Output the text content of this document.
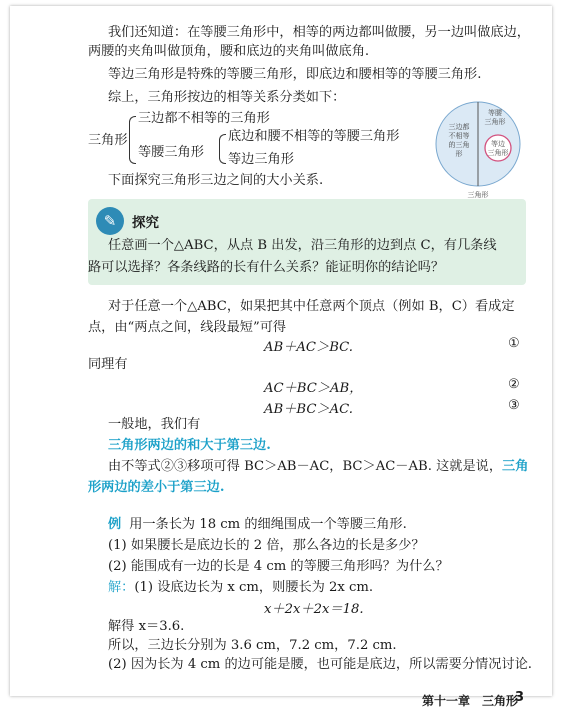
我们还知道：在等腰三角形中，相等的两边都叫做腰，另一边叫做底边，
两腰的夹角叫做顶角，腰和底边的夹角叫做底角.
等边三角形是特殊的等腰三角形，即底边和腰相等的等腰三角形.
综上，三角形按边的相等关系分类如下：
三角形
三边都不相等的三角形
等腰三角形
底边和腰不相等的等腰三角形
等边三角形
三边都
不相等
的三角
形
等腰
三角形
等边
三角形
三角形
下面探究三角形三边之间的大小关系.
✎	探究
任意画一个△ABC，从点 B 出发，沿三角形的边到点 C，有几条线
路可以选择？各条线路的长有什么关系？能证明你的结论吗？
对于任意一个△ABC，如果把其中任意两个顶点（例如 B，C）看成定
点，由“两点之间，线段最短”可得
AB＋AC＞BC.	①
同理有
AC＋BC＞AB，	②
AB＋BC＞AC.	③
一般地，我们有
三角形两边的和大于第三边.
由不等式②③移项可得 BC＞AB－AC，BC＞AC－AB. 这就是说，三角
形两边的差小于第三边.
例 用一条长为 18 cm 的细绳围成一个等腰三角形.
(1) 如果腰长是底边长的 2 倍，那么各边的长是多少？
(2) 能围成有一边的长是 4 cm 的等腰三角形吗？为什么？
解：(1) 设底边长为 x cm，则腰长为 2x cm.
x＋2x＋2x＝18.
解得 x＝3.6.
所以，三边长分别为 3.6 cm，7.2 cm，7.2 cm.
(2) 因为长为 4 cm 的边可能是腰，也可能是底边，所以需要分情况讨论.
第十一章　三角形
3
